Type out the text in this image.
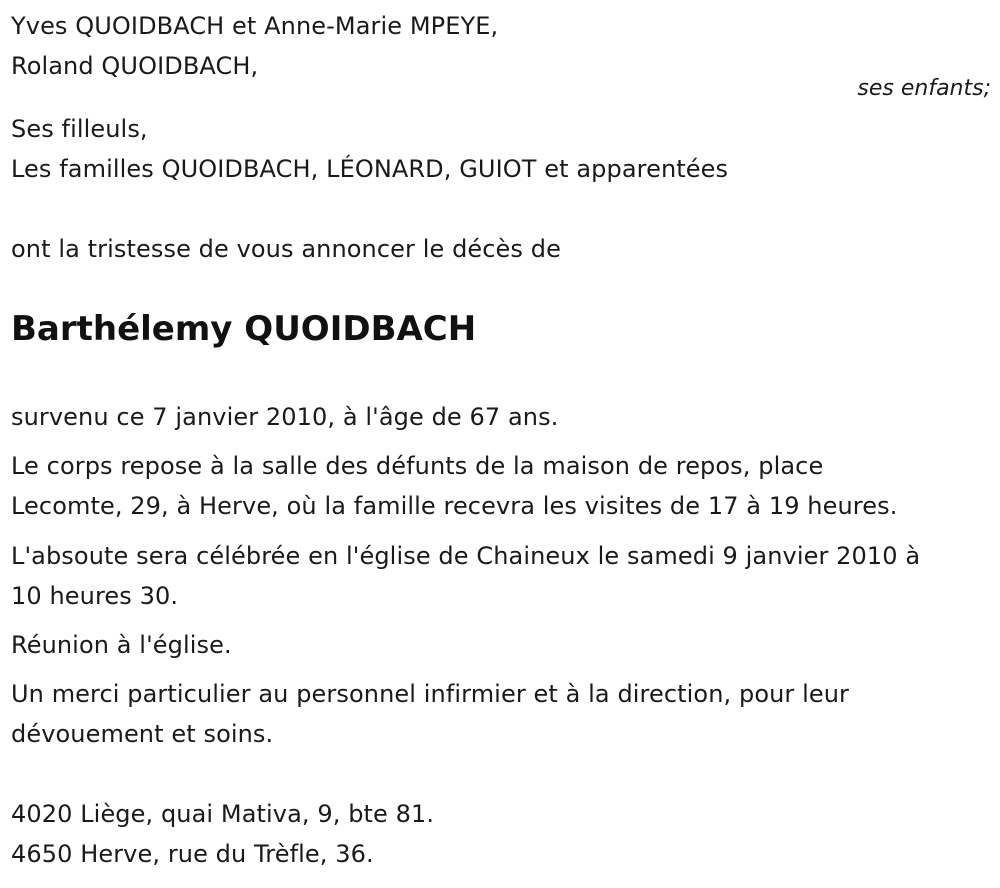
Yves QUOIDBACH et Anne-Marie MPEYE,
Roland QUOIDBACH,
ses enfants;
Ses filleuls,
Les familles QUOIDBACH, LÉONARD, GUIOT et apparentées
ont la tristesse de vous annoncer le décès de
Barthélemy QUOIDBACH
survenu ce 7 janvier 2010, à l'âge de 67 ans.
Le corps repose à la salle des défunts de la maison de repos, place
Lecomte, 29, à Herve, où la famille recevra les visites de 17 à 19 heures.
L'absoute sera célébrée en l'église de Chaineux le samedi 9 janvier 2010 à
10 heures 30.
Réunion à l'église.
Un merci particulier au personnel infirmier et à la direction, pour leur
dévouement et soins.
4020 Liège, quai Mativa, 9, bte 81.
4650 Herve, rue du Trèfle, 36.
